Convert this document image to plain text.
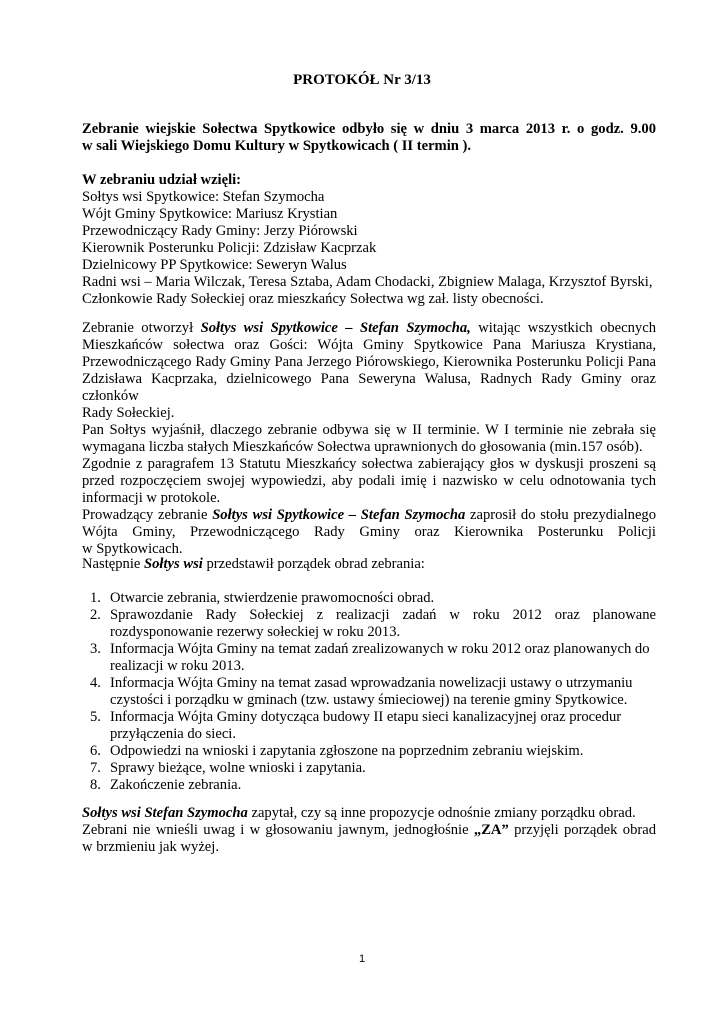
PROTOKÓŁ Nr 3/13
Zebranie wiejskie Sołectwa Spytkowice odbyło się w dniu 3 marca 2013 r. o godz. 9.00
w sali Wiejskiego Domu Kultury w Spytkowicach ( II termin ).
W zebraniu udział wzięli:
Sołtys wsi Spytkowice: Stefan Szymocha
Wójt Gminy Spytkowice: Mariusz Krystian
Przewodniczący Rady Gminy: Jerzy Piórowski
Kierownik Posterunku Policji: Zdzisław Kacprzak
Dzielnicowy PP Spytkowice: Seweryn Walus
Radni wsi – Maria Wilczak, Teresa Sztaba, Adam Chodacki, Zbigniew Malaga, Krzysztof Byrski,
Członkowie Rady Sołeckiej oraz mieszkańcy Sołectwa wg zał. listy obecności.
Zebranie otworzył Sołtys wsi Spytkowice – Stefan Szymocha, witając wszystkich obecnych
Mieszkańców sołectwa oraz Gości: Wójta Gminy Spytkowice Pana Mariusza Krystiana,
Przewodniczącego Rady Gminy Pana Jerzego Piórowskiego, Kierownika Posterunku Policji Pana
Zdzisława Kacprzaka, dzielnicowego Pana Seweryna Walusa, Radnych Rady Gminy oraz członków
Rady Sołeckiej.
Pan Sołtys wyjaśnił, dlaczego zebranie odbywa się w II terminie. W I terminie nie zebrała się
wymagana liczba stałych Mieszkańców Sołectwa uprawnionych do głosowania (min.157 osób).
Zgodnie z paragrafem 13 Statutu Mieszkańcy sołectwa zabierający głos w dyskusji proszeni są
przed rozpoczęciem swojej wypowiedzi, aby podali imię i nazwisko w celu odnotowania tych
informacji w protokole.
Prowadzący zebranie Sołtys wsi Spytkowice – Stefan Szymocha zaprosił do stołu prezydialnego
Wójta Gminy, Przewodniczącego Rady Gminy oraz Kierownika Posterunku Policji
w Spytkowicach.
Następnie Sołtys wsi przedstawił porządek obrad zebrania:
1. Otwarcie zebrania, stwierdzenie prawomocności obrad.
2. Sprawozdanie Rady Sołeckiej z realizacji zadań w roku 2012 oraz planowane
rozdysponowanie rezerwy sołeckiej w roku 2013.
3. Informacja Wójta Gminy na temat zadań zrealizowanych w roku 2012 oraz planowanych do
realizacji w roku 2013.
4. Informacja Wójta Gminy na temat zasad wprowadzania nowelizacji ustawy o utrzymaniu
czystości i porządku w gminach (tzw. ustawy śmieciowej) na terenie gminy Spytkowice.
5. Informacja Wójta Gminy dotycząca budowy II etapu sieci kanalizacyjnej oraz procedur
przyłączenia do sieci.
6. Odpowiedzi na wnioski i zapytania zgłoszone na poprzednim zebraniu wiejskim.
7. Sprawy bieżące, wolne wnioski i zapytania.
8. Zakończenie zebrania.
Sołtys wsi Stefan Szymocha zapytał, czy są inne propozycje odnośnie zmiany porządku obrad.
Zebrani nie wnieśli uwag i w głosowaniu jawnym, jednogłośnie „ZA” przyjęli porządek obrad
w brzmieniu jak wyżej.
1
